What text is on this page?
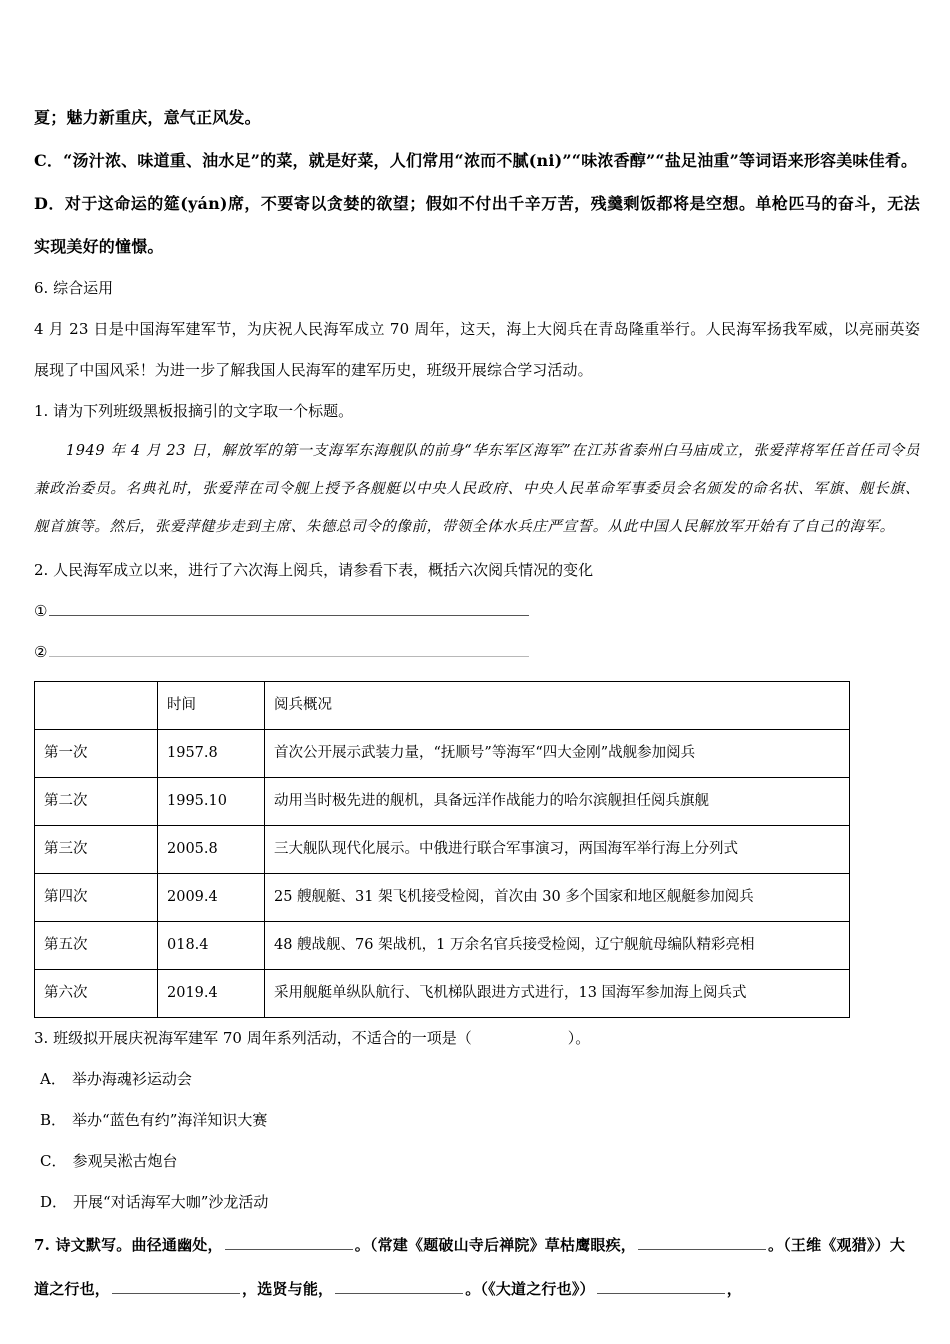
夏；魅力新重庆，意气正风发。

C．“汤汁浓、味道重、油水足”的菜，就是好菜，人们常用“浓而不腻(ni)”“味浓香醇”“盐足油重”等词语来形容美味佳肴。

D．对于这命运的筵(yán)席，不要寄以贪婪的欲望；假如不付出千辛万苦，残羹剩饭都将是空想。单枪匹马的奋斗，无法实现美好的憧憬。

6. 综合运用

4 月 23 日是中国海军建军节，为庆祝人民海军成立 70 周年，这天，海上大阅兵在青岛隆重举行。人民海军扬我军威，以亮丽英姿展现了中国风采！为进一步了解我国人民海军的建军历史，班级开展综合学习活动。

1. 请为下列班级黑板报摘引的文字取一个标题。

1949 年 4 月 23 日，解放军的第一支海军东海舰队的前身“华东军区海军”在江苏省泰州白马庙成立，张爱萍将军任首任司令员兼政治委员。名典礼时，张爱萍在司令舰上授予各舰艇以中央人民政府、中央人民革命军事委员会名颁发的命名状、军旗、舰长旗、舰首旗等。然后，张爱萍健步走到主席、朱德总司令的像前，带领全体水兵庄严宣誓。从此中国人民解放军开始有了自己的海军。

2. 人民海军成立以来，进行了六次海上阅兵，请参看下表，概括六次阅兵情况的变化

①

②

	时间	阅兵概况
第一次	1957.8	首次公开展示武装力量，“抚顺号”等海军“四大金刚”战舰参加阅兵
第二次	1995.10	动用当时极先进的舰机，具备远洋作战能力的哈尔滨舰担任阅兵旗舰
第三次	2005.8	三大舰队现代化展示。中俄进行联合军事演习，两国海军举行海上分列式
第四次	2009.4	25 艘舰艇、31 架飞机接受检阅，首次由 30 多个国家和地区舰艇参加阅兵
第五次	018.4	48 艘战舰、76 架战机，1 万余名官兵接受检阅，辽宁舰航母编队精彩亮相
第六次	2019.4	采用舰艇单纵队航行、飞机梯队跟进方式进行，13 国海军参加海上阅兵式

3. 班级拟开展庆祝海军建军 70 周年系列活动，不适合的一项是（	）。

A． 举办海魂衫运动会

B． 举办“蓝色有约”海洋知识大赛

C． 参观吴淞古炮台

D． 开展“对话海军大咖”沙龙活动

7. 诗文默写。曲径通幽处，	。（常建《题破山寺后禅院》草枯鹰眼疾，	。（王维《观猎》）大道之行也，	，选贤与能，	。（《大道之行也》）	，
